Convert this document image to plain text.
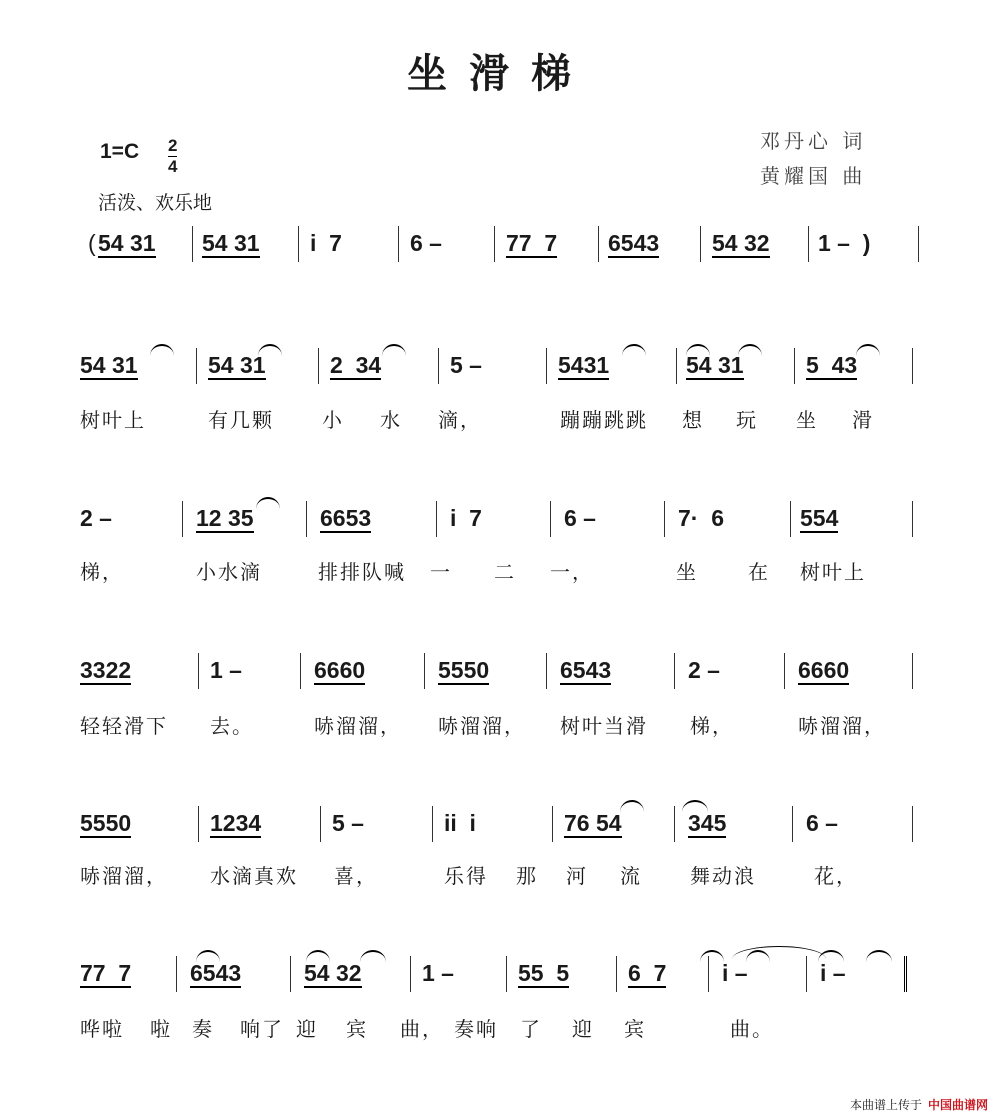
坐滑梯
1=C 2
4
活泼、欢乐地
邓丹心 词
黄耀国 曲
( 54 31 54 31 i  7	6 –	77  7 6543 54 32 1 –  )
54 31	54 31	2  34	5 –	5431	54 31	5  43
树叶上	有几颗 小 水 滴，	蹦蹦跳跳 想 玩 坐 滑
2 –	12 35	6653	i  7	6 –	7·  6	554
梯，	小水滴	排排队喊 一 二 一，	坐	在 树叶上
3322	1 –	6660	5550	6543	2 –	6660
轻轻滑下 去。	哧溜溜， 哧溜溜， 树叶当滑 梯，	哧溜溜，
5550	1234	5 –	ii  i	76 54	345	6 –
哧溜溜， 水滴真欢 喜，	乐得 那 河 流 舞动浪	花，
77  7	6543	54 32	1 –	55  5	6  7 i –	i –
哗啦 啦 奏 响了 迎 宾 曲， 奏响 了 迎 宾	曲。
本曲谱上传于 中国曲谱网
